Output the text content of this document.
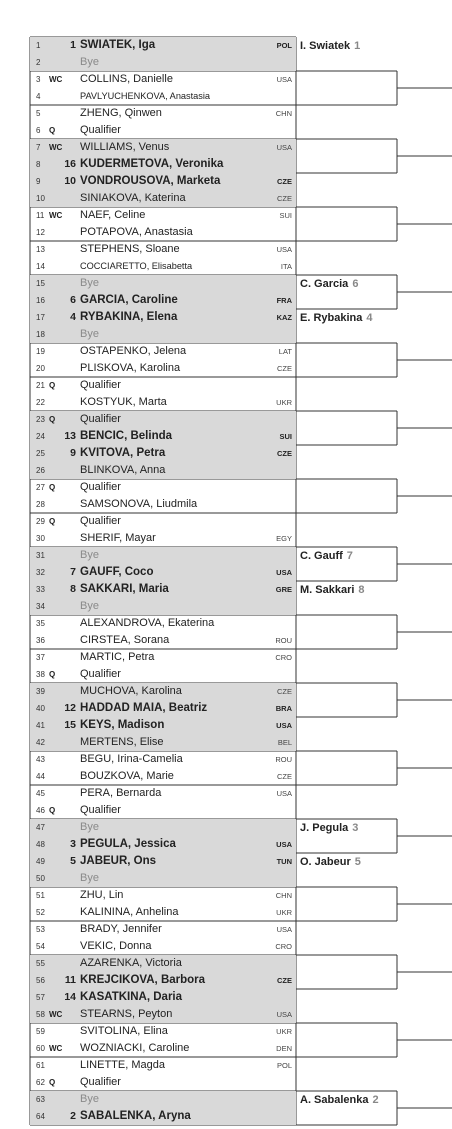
1	1 SWIATEK, Iga	POL
2	Bye
3	WC	COLLINS, Danielle	USA
4	PAVLYUCHENKOVA, Anastasia
5	ZHENG, Qinwen	CHN
6	Q	Qualifier
7	WC	WILLIAMS, Venus	USA
8	16 KUDERMETOVA, Veronika
9	10 VONDROUSOVA, Marketa	CZE
10	SINIAKOVA, Katerina	CZE
11 WC	NAEF, Celine	SUI
12	POTAPOVA, Anastasia
13	STEPHENS, Sloane	USA
14	COCCIARETTO, Elisabetta	ITA
15	Bye
16	6 GARCIA, Caroline	FRA
17	4 RYBAKINA, Elena	KAZ
18	Bye
19	OSTAPENKO, Jelena	LAT
20	PLISKOVA, Karolina	CZE
21 Q	Qualifier
22	KOSTYUK, Marta	UKR
23 Q	Qualifier
24	13 BENCIC, Belinda	SUI
25	9 KVITOVA, Petra	CZE
26	BLINKOVA, Anna
27 Q	Qualifier
28	SAMSONOVA, Liudmila
29 Q	Qualifier
30	SHERIF, Mayar	EGY
31	Bye
32	7 GAUFF, Coco	USA
33	8 SAKKARI, Maria	GRE
34	Bye
35	ALEXANDROVA, Ekaterina
36	CIRSTEA, Sorana	ROU
37	MARTIC, Petra	CRO
38 Q	Qualifier
39	MUCHOVA, Karolina	CZE
40	12 HADDAD MAIA, Beatriz	BRA
41	15 KEYS, Madison	USA
42	MERTENS, Elise	BEL
43	BEGU, Irina-Camelia	ROU
44	BOUZKOVA, Marie	CZE
45	PERA, Bernarda	USA
46 Q	Qualifier
47	Bye
48	3 PEGULA, Jessica	USA
49	5 JABEUR, Ons	TUN
50	Bye
51	ZHU, Lin	CHN
52	KALININA, Anhelina	UKR
53	BRADY, Jennifer	USA
54	VEKIC, Donna	CRO
55	AZARENKA, Victoria
56	11 KREJCIKOVA, Barbora	CZE
57	14 KASATKINA, Daria
58 WC	STEARNS, Peyton	USA
59	SVITOLINA, Elina	UKR
60 WC	WOZNIACKI, Caroline	DEN
61	LINETTE, Magda	POL
62 Q	Qualifier
63	Bye
64	2 SABALENKA, Aryna
I. Swiatek 1
C. Garcia 6
E. Rybakina 4
C. Gauff 7
M. Sakkari 8
J. Pegula 3
O. Jabeur 5
A. Sabalenka 2
